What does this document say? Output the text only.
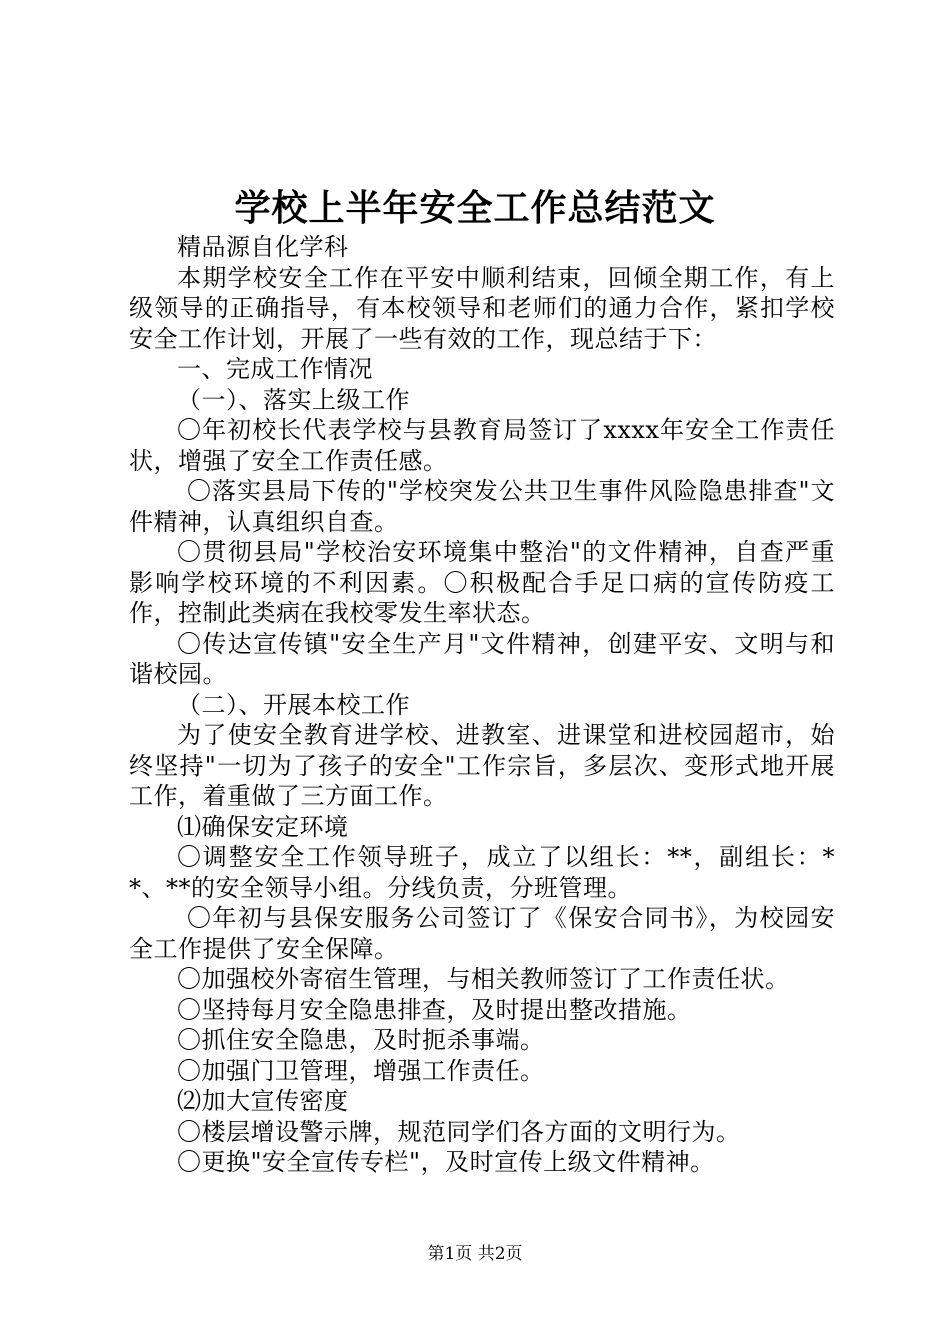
学校上半年安全工作总结范文

精品源自化学科

本期学校安全工作在平安中顺利结束，回倾全期工作，有上级领导的正确指导，有本校领导和老师们的通力合作，紧扣学校安全工作计划，开展了一些有效的工作，现总结于下：

一、完成工作情况

（一）、落实上级工作

〇年初校长代表学校与县教育局签订了xxxx年安全工作责任状，增强了安全工作责任感。

〇落实县局下传的"学校突发公共卫生事件风险隐患排查"文件精神，认真组织自查。

〇贯彻县局"学校治安环境集中整治"的文件精神，自查严重影响学校环境的不利因素。〇积极配合手足口病的宣传防疫工作，控制此类病在我校零发生率状态。

〇传达宣传镇"安全生产月"文件精神，创建平安、文明与和谐校园。

（二）、开展本校工作

为了使安全教育进学校、进教室、进课堂和进校园超市，始终坚持"一切为了孩子的安全"工作宗旨，多层次、变形式地开展工作，着重做了三方面工作。

⑴确保安定环境

〇调整安全工作领导班子，成立了以组长：**，副组长：**、**的安全领导小组。分线负责，分班管理。

〇年初与县保安服务公司签订了《保安合同书》，为校园安全工作提供了安全保障。

〇加强校外寄宿生管理，与相关教师签订了工作责任状。

〇坚持每月安全隐患排查，及时提出整改措施。

〇抓住安全隐患，及时扼杀事端。

〇加强门卫管理，增强工作责任。

⑵加大宣传密度

〇楼层增设警示牌，规范同学们各方面的文明行为。

〇更换"安全宣传专栏"，及时宣传上级文件精神。

第1页 共2页
